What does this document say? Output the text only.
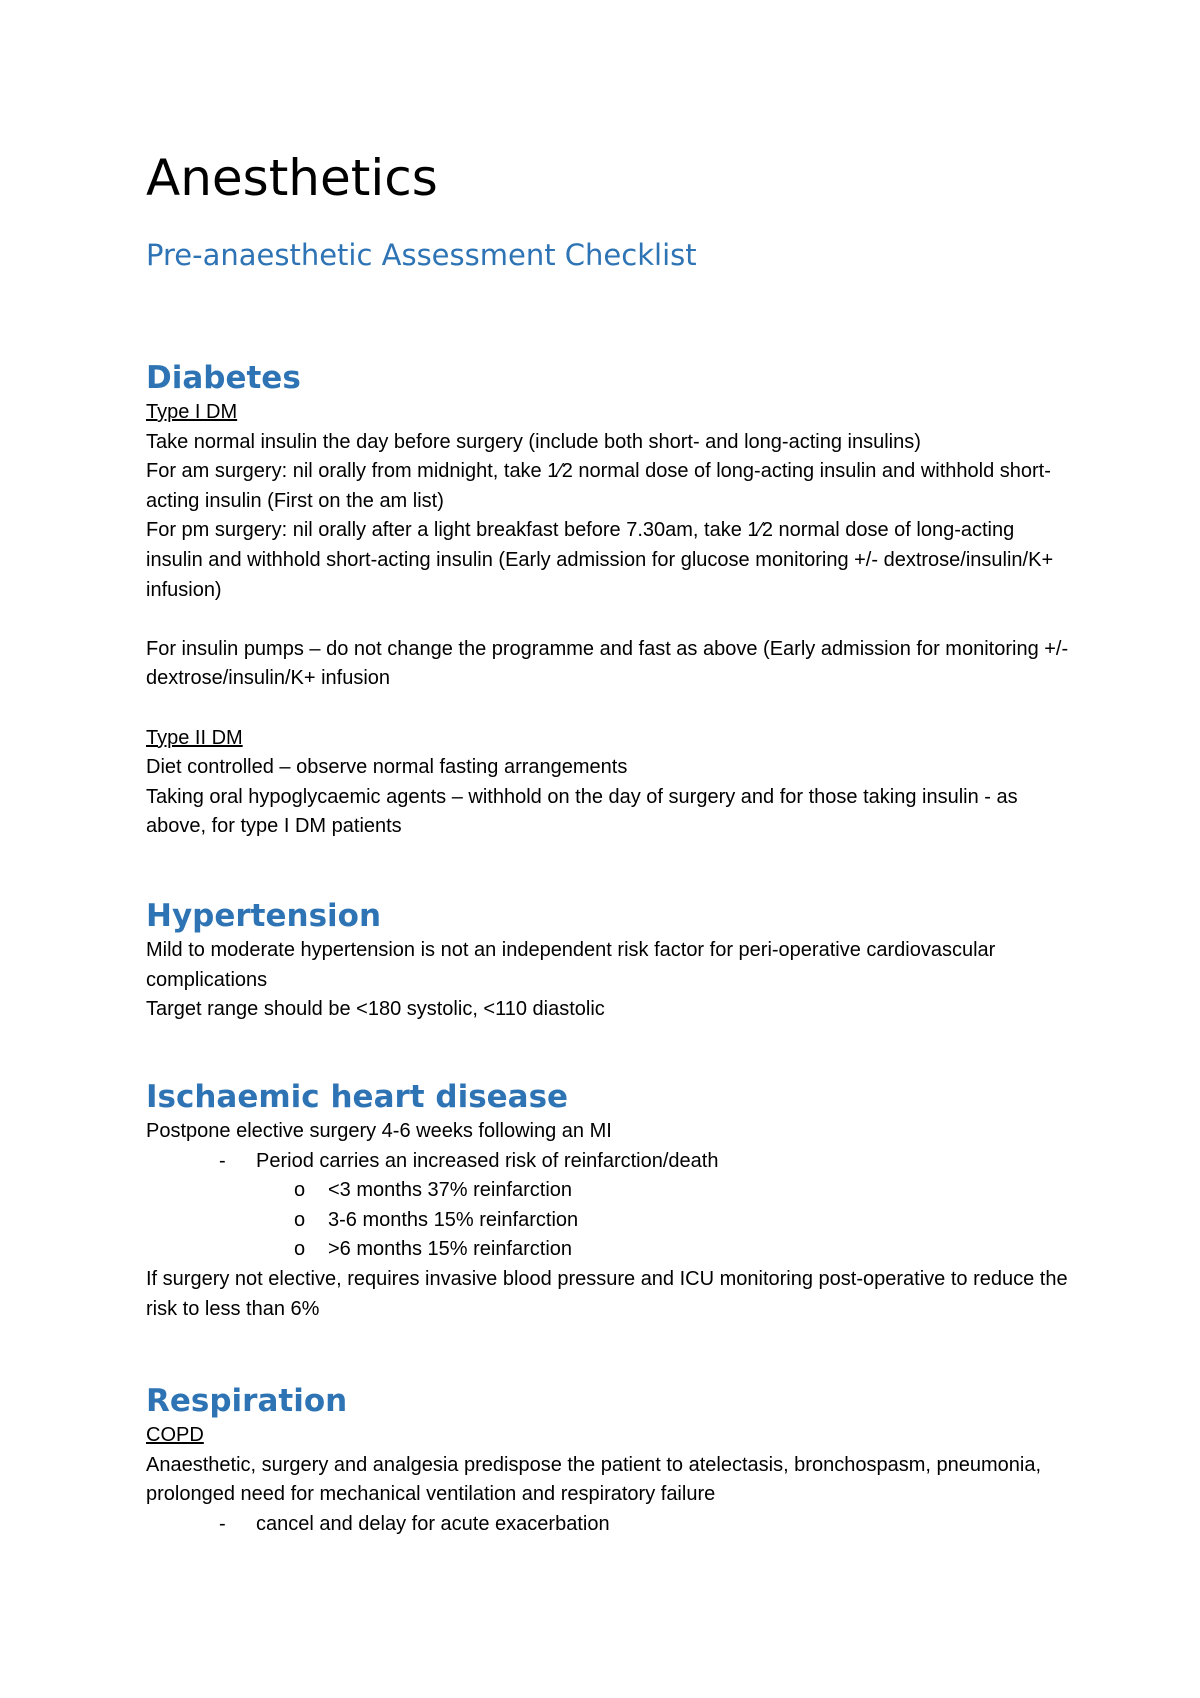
Anesthetics
Pre-anaesthetic Assessment Checklist
Diabetes
Type I DM
Take normal insulin the day before surgery (include both short- and long-acting insulins)
For am surgery: nil orally from midnight, take 1⁄2 normal dose of long-acting insulin and withhold short-acting insulin (First on the am list)
For pm surgery: nil orally after a light breakfast before 7.30am, take 1⁄2 normal dose of long-acting insulin and withhold short-acting insulin (Early admission for glucose monitoring +/- dextrose/insulin/K+ infusion)
For insulin pumps – do not change the programme and fast as above (Early admission for monitoring +/- dextrose/insulin/K+ infusion
Type II DM
Diet controlled – observe normal fasting arrangements
Taking oral hypoglycaemic agents – withhold on the day of surgery and for those taking insulin - as above, for type I DM patients
Hypertension
Mild to moderate hypertension is not an independent risk factor for peri-operative cardiovascular complications
Target range should be <180 systolic, <110 diastolic
Ischaemic heart disease
Postpone elective surgery 4-6 weeks following an MI
- Period carries an increased risk of reinfarction/death
o <3 months 37% reinfarction
o 3-6 months 15% reinfarction
o >6 months 15% reinfarction
If surgery not elective, requires invasive blood pressure and ICU monitoring post-operative to reduce the risk to less than 6%
Respiration
COPD
Anaesthetic, surgery and analgesia predispose the patient to atelectasis, bronchospasm, pneumonia, prolonged need for mechanical ventilation and respiratory failure
- cancel and delay for acute exacerbation
